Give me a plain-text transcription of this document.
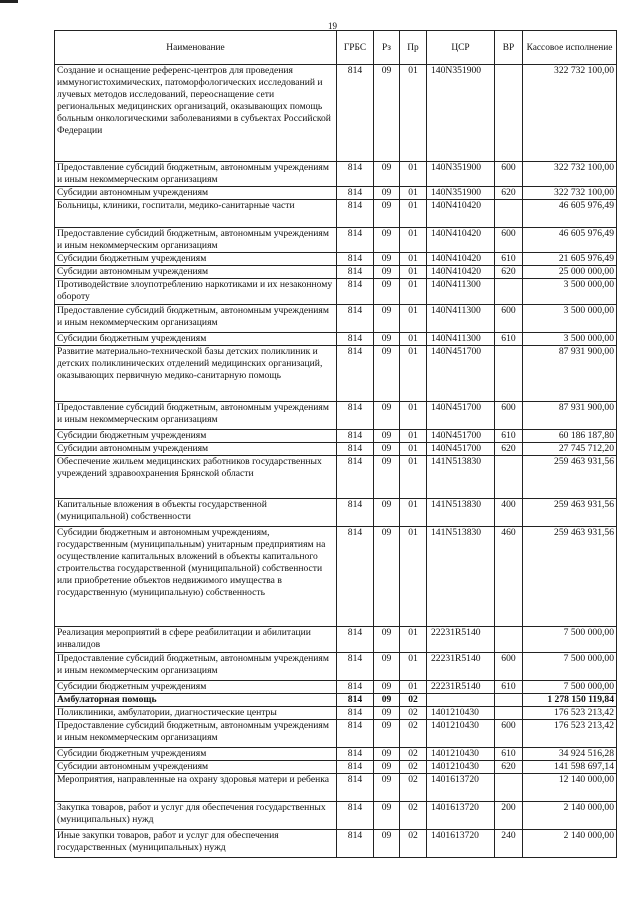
19
Наименование	ГРБС	Рз	Пр	ЦСР	ВР	Кассовое исполнение
Создание и оснащение референс-центров для проведения иммуногистохимических, патоморфологических исследований и лучевых методов исследований, переоснащение сети региональных медицинских организаций, оказывающих помощь больным онкологическими заболеваниями в субъектах Российской Федерации	814	09	01	140N351900		322 732 100,00
Предоставление субсидий бюджетным, автономным учреждениям и иным некоммерческим организациям	814	09	01	140N351900	600	322 732 100,00
Субсидии автономным учреждениям	814	09	01	140N351900	620	322 732 100,00
Больницы, клиники, госпитали, медико-санитарные части	814	09	01	140N410420		46 605 976,49
Предоставление субсидий бюджетным, автономным учреждениям и иным некоммерческим организациям	814	09	01	140N410420	600	46 605 976,49
Субсидии бюджетным учреждениям	814	09	01	140N410420	610	21 605 976,49
Субсидии автономным учреждениям	814	09	01	140N410420	620	25 000 000,00
Противодействие злоупотреблению наркотиками и их незаконному обороту	814	09	01	140N411300		3 500 000,00
Предоставление субсидий бюджетным, автономным учреждениям и иным некоммерческим организациям	814	09	01	140N411300	600	3 500 000,00
Субсидии бюджетным учреждениям	814	09	01	140N411300	610	3 500 000,00
Развитие материально-технической базы детских поликлиник и детских поликлинических отделений медицинских организаций, оказывающих первичную медико-санитарную помощь	814	09	01	140N451700		87 931 900,00
Предоставление субсидий бюджетным, автономным учреждениям и иным некоммерческим организациям	814	09	01	140N451700	600	87 931 900,00
Субсидии бюджетным учреждениям	814	09	01	140N451700	610	60 186 187,80
Субсидии автономным учреждениям	814	09	01	140N451700	620	27 745 712,20
Обеспечение жильем медицинских работников государственных учреждений здравоохранения Брянской области	814	09	01	141N513830		259 463 931,56
Капитальные вложения в объекты государственной (муниципальной) собственности	814	09	01	141N513830	400	259 463 931,56
Субсидии бюджетным и автономным учреждениям, государственным (муниципальным) унитарным предприятиям на осуществление капитальных вложений в объекты капитального строительства государственной (муниципальной) собственности или приобретение объектов недвижимого имущества в государственную (муниципальную) собственность	814	09	01	141N513830	460	259 463 931,56
Реализация мероприятий в сфере реабилитации и абилитации инвалидов	814	09	01	22231R5140		7 500 000,00
Предоставление субсидий бюджетным, автономным учреждениям и иным некоммерческим организациям	814	09	01	22231R5140	600	7 500 000,00
Субсидии бюджетным учреждениям	814	09	01	22231R5140	610	7 500 000,00
Амбулаторная помощь	814	09	02			1 278 150 119,84
Поликлиники, амбулатории, диагностические центры	814	09	02	1401210430		176 523 213,42
Предоставление субсидий бюджетным, автономным учреждениям и иным некоммерческим организациям	814	09	02	1401210430	600	176 523 213,42
Субсидии бюджетным учреждениям	814	09	02	1401210430	610	34 924 516,28
Субсидии автономным учреждениям	814	09	02	1401210430	620	141 598 697,14
Мероприятия, направленные на охрану здоровья матери и ребенка	814	09	02	1401613720		12 140 000,00
Закупка товаров, работ и услуг для обеспечения государственных (муниципальных) нужд	814	09	02	1401613720	200	2 140 000,00
Иные закупки товаров, работ и услуг для обеспечения государственных (муниципальных) нужд	814	09	02	1401613720	240	2 140 000,00
